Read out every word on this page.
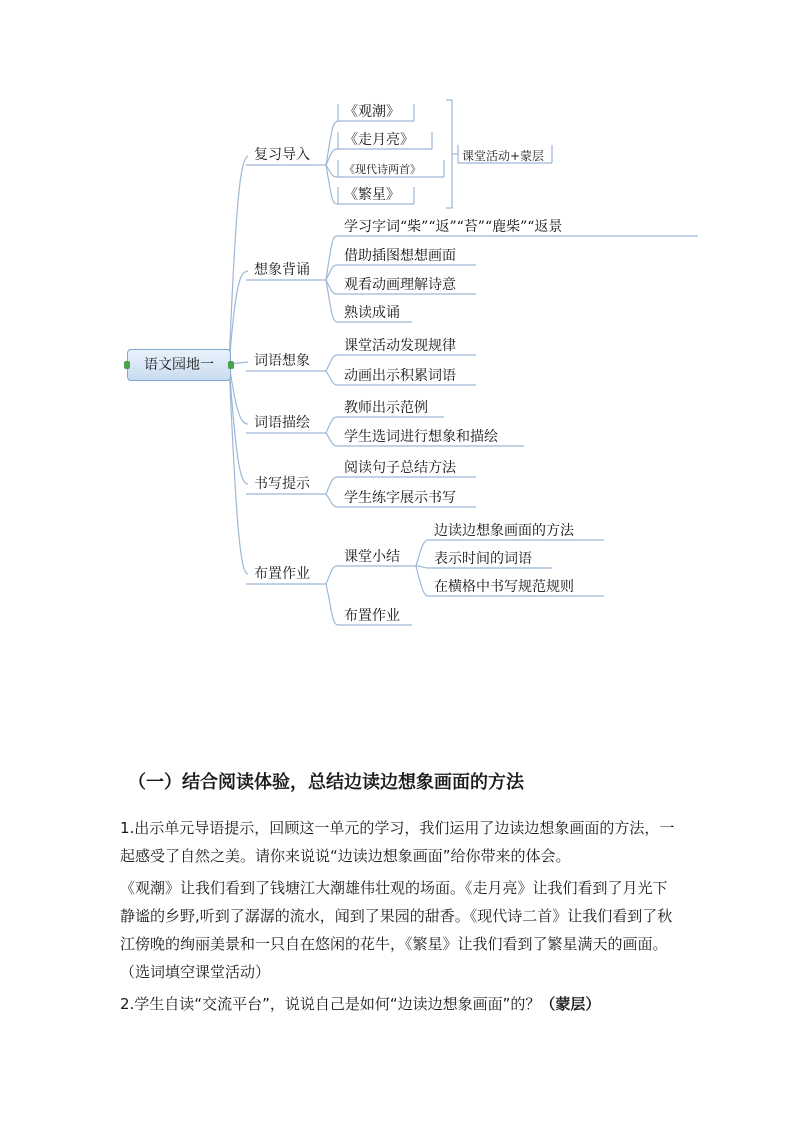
语文园地一
复习导入
《观潮》
《走月亮》
《现代诗两首》
《繁星》
课堂活动+蒙层
想象背诵
学习字词“柴”“返”“苔”“鹿柴”“返景
借助插图想想画面
观看动画理解诗意
熟读成诵
词语想象
课堂活动发现规律
动画出示积累词语
词语描绘
教师出示范例
学生选词进行想象和描绘
书写提示
阅读句子总结方法
学生练字展示书写
布置作业
课堂小结
布置作业
边读边想象画面的方法
表示时间的词语
在横格中书写规范规则
（一）结合阅读体验，总结边读边想象画面的方法
1.出示单元导语提示，回顾这一单元的学习，我们运用了边读边想象画面的方法，一起感受了自然之美。请你来说说“边读边想象画面”给你带来的体会。
《观潮》让我们看到了钱塘江大潮雄伟壮观的场面。《走月亮》让我们看到了月光下静谧的乡野,听到了潺潺的流水，闻到了果园的甜香。《现代诗二首》让我们看到了秋江傍晚的绚丽美景和一只自在悠闲的花牛，《繁星》让我们看到了繁星满天的画面。（选词填空课堂活动）
2.学生自读“交流平台”，说说自己是如何“边读边想象画面”的？（蒙层）
